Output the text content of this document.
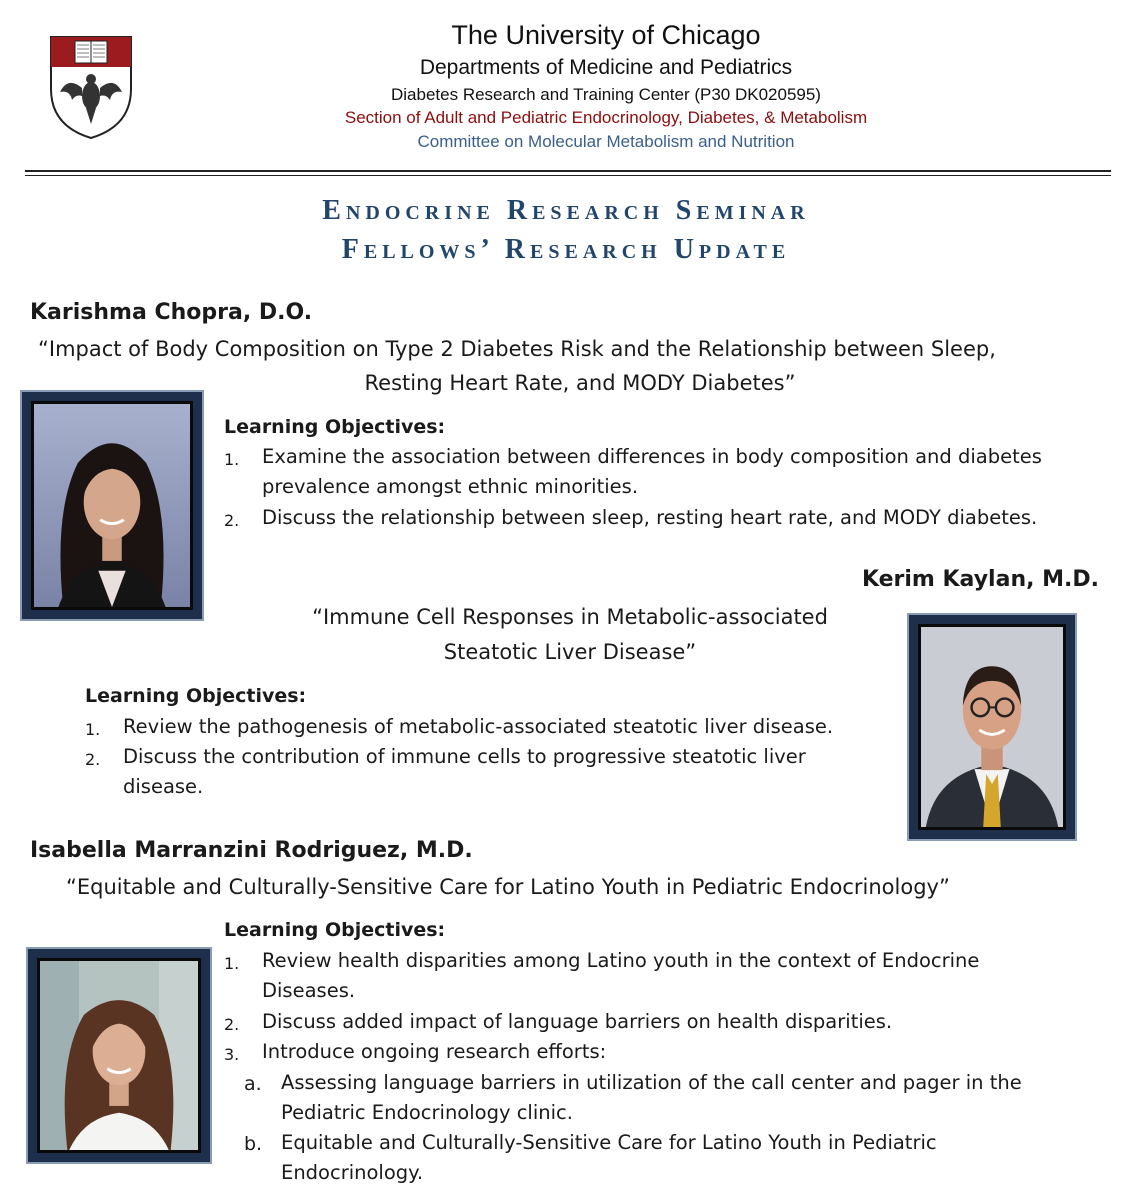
The University of Chicago
Departments of Medicine and Pediatrics
Diabetes Research and Training Center (P30 DK020595)
Section of Adult and Pediatric Endocrinology, Diabetes, & Metabolism
Committee on Molecular Metabolism and Nutrition
Endocrine Research Seminar
Fellows’ Research Update
Karishma Chopra, D.O.
“Impact of Body Composition on Type 2 Diabetes Risk and the Relationship between Sleep,
Resting Heart Rate, and MODY Diabetes”
Learning Objectives:
1. Examine the association between differences in body composition and diabetes
prevalence amongst ethnic minorities.
2. Discuss the relationship between sleep, resting heart rate, and MODY diabetes.
Kerim Kaylan, M.D.
“Immune Cell Responses in Metabolic-associated
Steatotic Liver Disease”
Learning Objectives:
1. Review the pathogenesis of metabolic-associated steatotic liver disease.
2. Discuss the contribution of immune cells to progressive steatotic liver
disease.
Isabella Marranzini Rodriguez, M.D.
“Equitable and Culturally-Sensitive Care for Latino Youth in Pediatric Endocrinology”
Learning Objectives:
1. Review health disparities among Latino youth in the context of Endocrine
Diseases.
2. Discuss added impact of language barriers on health disparities.
3. Introduce ongoing research efforts:
a. Assessing language barriers in utilization of the call center and pager in the
Pediatric Endocrinology clinic.
b. Equitable and Culturally-Sensitive Care for Latino Youth in Pediatric
Endocrinology.
